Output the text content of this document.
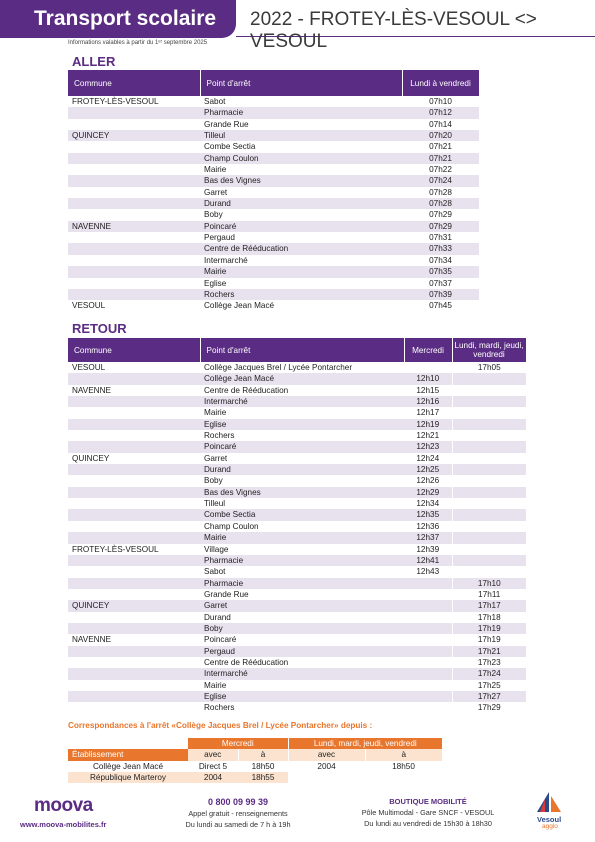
Transport scolaire 2022 - FROTEY-LÈS-VESOUL <> VESOUL
Informations valables à partir du 1ᵉʳ septembre 2025
ALLER
Commune	Point d'arrêt	Lundi à vendredi
FROTEY-LÈS-VESOUL	Sabot	07h10
	Pharmacie	07h12
	Grande Rue	07h14
QUINCEY	Tilleul	07h20
	Combe Sectia	07h21
	Champ Coulon	07h21
	Mairie	07h22
	Bas des Vignes	07h24
	Garret	07h28
	Durand	07h28
	Boby	07h29
NAVENNE	Poincaré	07h29
	Pergaud	07h31
	Centre de Rééducation	07h33
	Intermarché	07h34
	Mairie	07h35
	Eglise	07h37
	Rochers	07h39
VESOUL	Collège Jean Macé	07h45
RETOUR
Commune	Point d'arrêt	Mercredi	Lundi, mardi, jeudi, vendredi
VESOUL	Collège Jacques Brel / Lycée Pontarcher		17h05
	Collège Jean Macé	12h10	
NAVENNE	Centre de Rééducation	12h15	
	Intermarché	12h16	
	Mairie	12h17	
	Eglise	12h19	
	Rochers	12h21	
	Poincaré	12h23	
QUINCEY	Garret	12h24	
	Durand	12h25	
	Boby	12h26	
	Bas des Vignes	12h29	
	Tilleul	12h34	
	Combe Sectia	12h35	
	Champ Coulon	12h36	
	Mairie	12h37	
FROTEY-LÈS-VESOUL	Village	12h39	
	Pharmacie	12h41	
	Sabot	12h43	
	Pharmacie		17h10
	Grande Rue		17h11
QUINCEY	Garret		17h17
	Durand		17h18
	Boby		17h19
NAVENNE	Poincaré		17h19
	Pergaud		17h21
	Centre de Rééducation		17h23
	Intermarché		17h24
	Mairie		17h25
	Eglise		17h27
	Rochers		17h29
Correspondances à l'arrêt «Collège Jacques Brel / Lycée Pontarcher» depuis :
	Mercredi		Lundi, mardi, jeudi, vendredi	
Établissement	avec	à	avec	à
Collège Jean Macé	Direct 5	18h50	2004	18h50
République Marteroy	2004	18h55		
moova
www.moova-mobilites.fr
0 800 09 99 39
Appel gratuit - renseignements
Du lundi au samedi de 7 h à 19h
BOUTIQUE MOBILITÉ
Pôle Multimodal - Gare SNCF - VESOUL
Du lundi au vendredi de 15h30 à 18h30	Vesoul
agglo
